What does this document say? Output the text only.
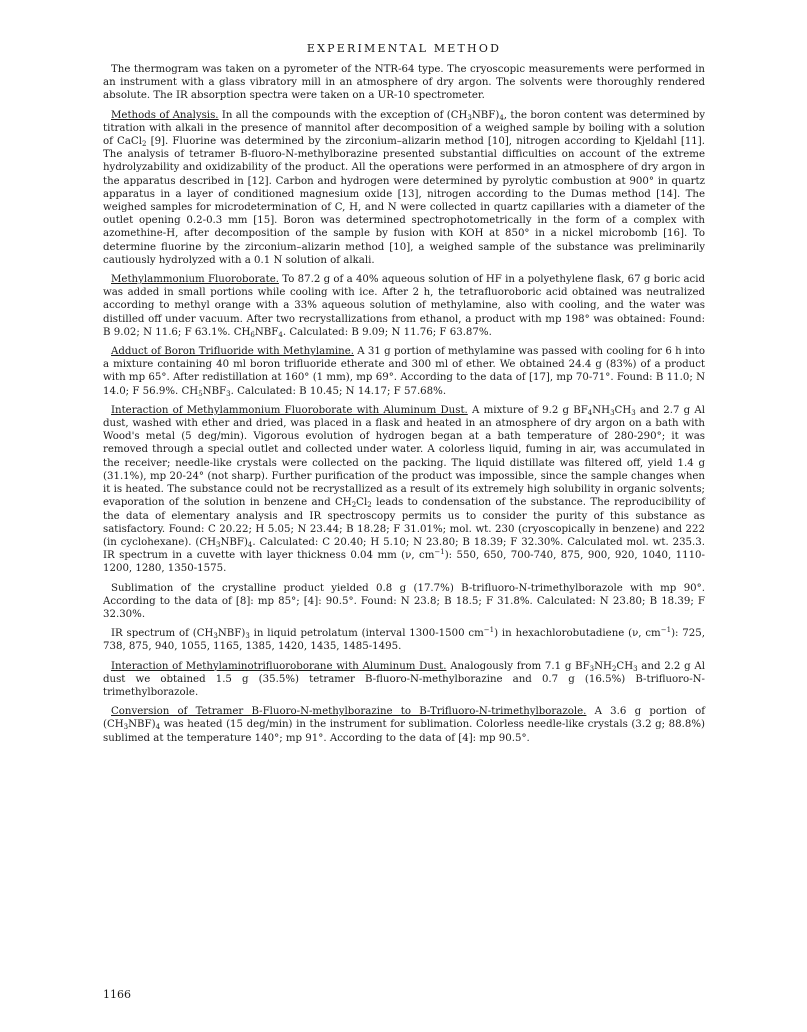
EXPERIMENTAL METHOD

The thermogram was taken on a pyrometer of the NTR-64 type. The cryoscopic measurements were performed in an instrument with a glass vibratory mill in an atmosphere of dry argon. The solvents were thoroughly rendered absolute. The IR absorption spectra were taken on a UR-10 spectrometer.

Methods of Analysis. In all the compounds with the exception of $(CH_3NBF)_4$, the boron content was determined by titration with alkali in the presence of mannitol after decomposition of a weighed sample by boiling with a solution of CaCl$_2$ [9]. Fluorine was determined by the zirconium–alizarin method [10], nitrogen according to Kjeldahl [11]. The analysis of tetramer B-fluoro-N-methylborazine presented substantial difficulties on account of the extreme hydrolyzability and oxidizability of the product. All the operations were performed in an atmosphere of dry argon in the apparatus described in [12]. Carbon and hydrogen were determined by pyrolytic combustion at 900° in quartz apparatus in a layer of conditioned magnesium oxide [13], nitrogen according to the Dumas method [14]. The weighed samples for microdetermination of C, H, and N were collected in quartz capillaries with a diameter of the outlet opening 0.2-0.3 mm [15]. Boron was determined spectrophotometrically in the form of a complex with azomethine-H, after decomposition of the sample by fusion with KOH at 850° in a nickel microbomb [16]. To determine fluorine by the zirconium–alizarin method [10], a weighed sample of the substance was preliminarily cautiously hydrolyzed with a 0.1 N solution of alkali.

Methylammonium Fluoroborate. To 87.2 g of a 40% aqueous solution of HF in a polyethylene flask, 67 g boric acid was added in small portions while cooling with ice. After 2 h, the tetrafluoroboric acid obtained was neutralized according to methyl orange with a 33% aqueous solution of methylamine, also with cooling, and the water was distilled off under vacuum. After two recrystallizations from ethanol, a product with mp 198° was obtained: Found: B 9.02; N 11.6; F 63.1%. $CH_6NBF_4$. Calculated: B 9.09; N 11.76; F 63.87%.

Adduct of Boron Trifluoride with Methylamine. A 31 g portion of methylamine was passed with cooling for 6 h into a mixture containing 40 ml boron trifluoride etherate and 300 ml of ether. We obtained 24.4 g (83%) of a product with mp 65°. After redistillation at 160° (1 mm), mp 69°. According to the data of [17], mp 70-71°. Found: B 11.0; N 14.0; F 56.9%. $CH_5NBF_3$. Calculated: B 10.45; N 14.17; F 57.68%.

Interaction of Methylammonium Fluoroborate with Aluminum Dust. A mixture of 9.2 g $BF_4NH_3CH_3$ and 2.7 g Al dust, washed with ether and dried, was placed in a flask and heated in an atmosphere of dry argon on a bath with Wood's metal (5 deg/min). Vigorous evolution of hydrogen began at a bath temperature of 280-290°; it was removed through a special outlet and collected under water. A colorless liquid, fuming in air, was accumulated in the receiver; needle-like crystals were collected on the packing. The liquid distillate was filtered off, yield 1.4 g (31.1%), mp 20-24° (not sharp). Further purification of the product was impossible, since the sample changes when it is heated. The substance could not be recrystallized as a result of its extremely high solubility in organic solvents; evaporation of the solution in benzene and $CH_2Cl_2$ leads to condensation of the substance. The reproducibility of the data of elementary analysis and IR spectroscopy permits us to consider the purity of this substance as satisfactory. Found: C 20.22; H 5.05; N 23.44; B 18.28; F 31.01%; mol. wt. 230 (cryoscopically in benzene) and 222 (in cyclohexane). $(CH_3NBF)_4$. Calculated: C 20.40; H 5.10; N 23.80; B 18.39; F 32.30%. Calculated mol. wt. 235.3. IR spectrum in a cuvette with layer thickness 0.04 mm (ν, $cm^{-1}$): 550, 650, 700-740, 875, 900, 920, 1040, 1110-1200, 1280, 1350-1575.

Sublimation of the crystalline product yielded 0.8 g (17.7%) B-trifluoro-N-trimethylborazole with mp 90°. According to the data of [8]: mp 85°; [4]: 90.5°. Found: N 23.8; B 18.5; F 31.8%. Calculated: N 23.80; B 18.39; F 32.30%.

IR spectrum of $(CH_3NBF)_3$ in liquid petrolatum (interval 1300-1500 $cm^{-1}$) in hexachlorobutadiene (ν, $cm^{-1}$): 725, 738, 875, 940, 1055, 1165, 1385, 1420, 1435, 1485-1495.

Interaction of Methylaminotrifluoroborane with Aluminum Dust. Analogously from 7.1 g $BF_3NH_2CH_3$ and 2.2 g Al dust we obtained 1.5 g (35.5%) tetramer B-fluoro-N-methylborazine and 0.7 g (16.5%) B-trifluoro-N-trimethylborazole.

Conversion of Tetramer B-Fluoro-N-methylborazine to B-Trifluoro-N-trimethylborazole. A 3.6 g portion of $(CH_3NBF)_4$ was heated (15 deg/min) in the instrument for sublimation. Colorless needle-like crystals (3.2 g; 88.8%) sublimed at the temperature 140°; mp 91°. According to the data of [4]: mp 90.5°.

1166
